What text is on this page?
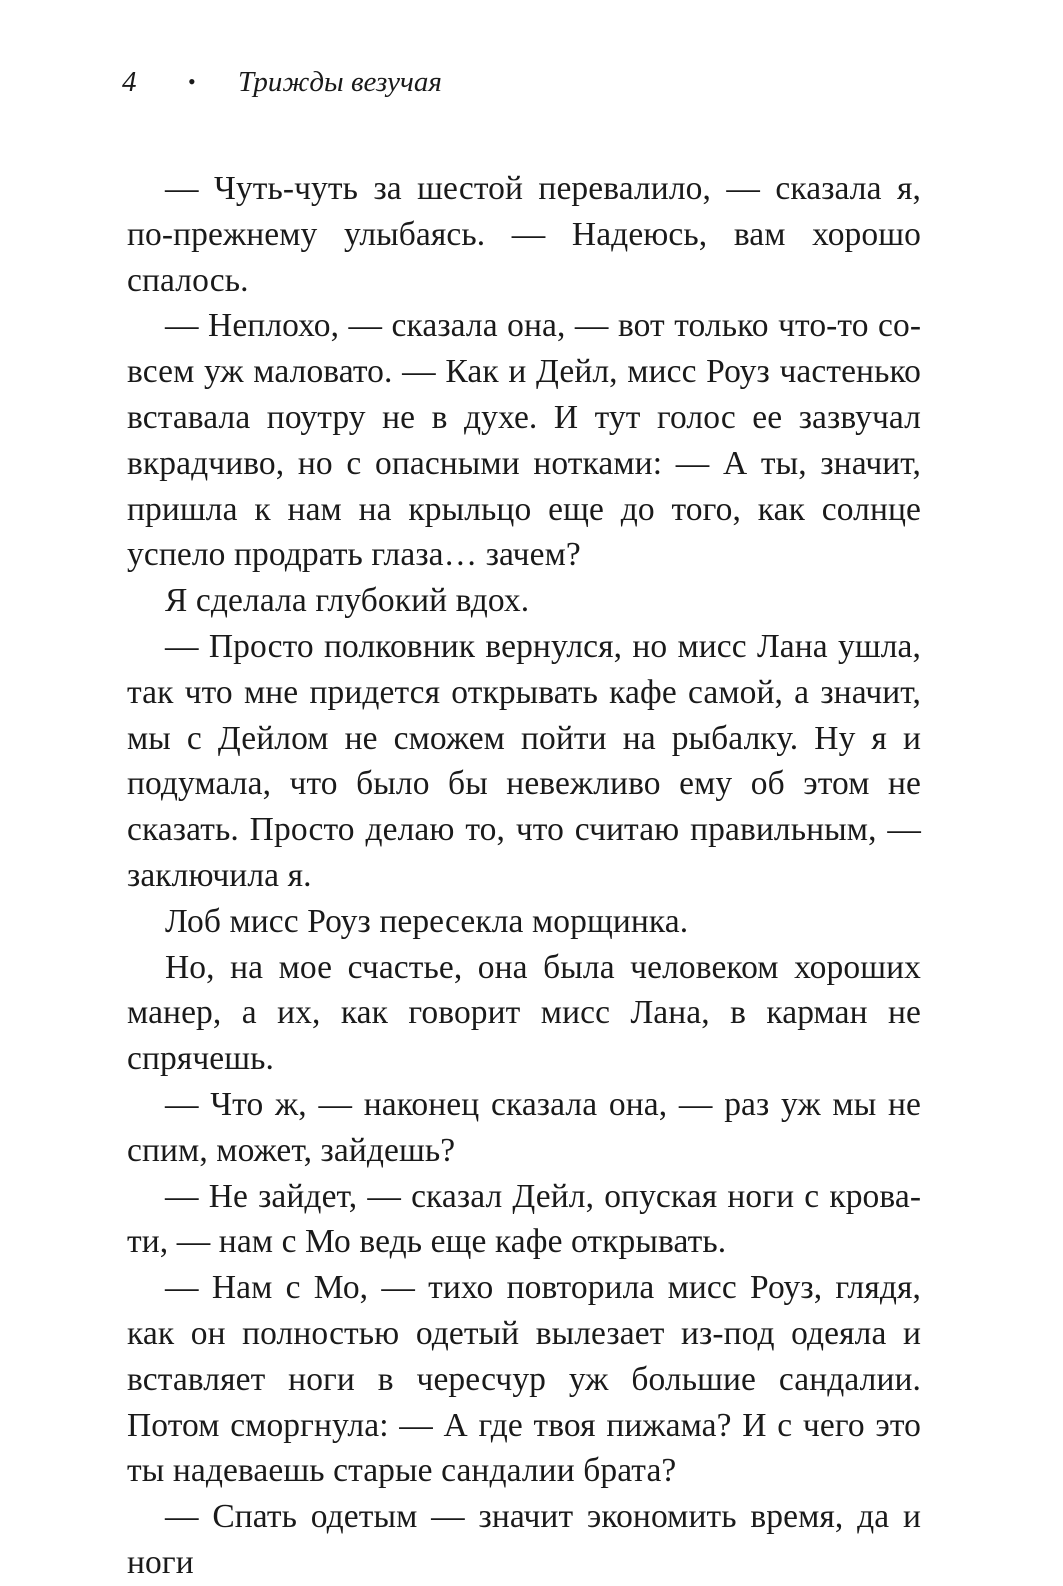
4	•	Трижды везучая

— Чуть-чуть за шестой перевалило, — сказала я, по-прежнему улыбаясь. — Надеюсь, вам хорошо спалось.

— Неплохо, — сказала она, — вот только что-то совсем уж маловато. — Как и Дейл, мисс Роуз частенько вставала поутру не в духе. И тут голос ее зазвучал вкрадчиво, но с опасными нотками: — А ты, значит, пришла к нам на крыльцо еще до того, как солнце успело продрать глаза… зачем?

Я сделала глубокий вдох.

— Просто полковник вернулся, но мисс Лана ушла, так что мне придется открывать кафе самой, а значит, мы с Дейлом не сможем пойти на рыбалку. Ну я и подумала, что было бы невежливо ему об этом не сказать. Просто делаю то, что считаю правильным, — заключила я.

Лоб мисс Роуз пересекла морщинка.

Но, на мое счастье, она была человеком хороших манер, а их, как говорит мисс Лана, в карман не спрячешь.

— Что ж, — наконец сказала она, — раз уж мы не спим, может, зайдешь?

— Не зайдет, — сказал Дейл, опуская ноги с кровати, — нам с Мо ведь еще кафе открывать.

— Нам с Мо, — тихо повторила мисс Роуз, глядя, как он полностью одетый вылезает из-под одеяла и вставляет ноги в чересчур уж большие сандалии. Потом сморгнула: — А где твоя пижама? И с чего это ты надеваешь старые сандалии брата?

— Спать одетым — значит экономить время, да и ноги
